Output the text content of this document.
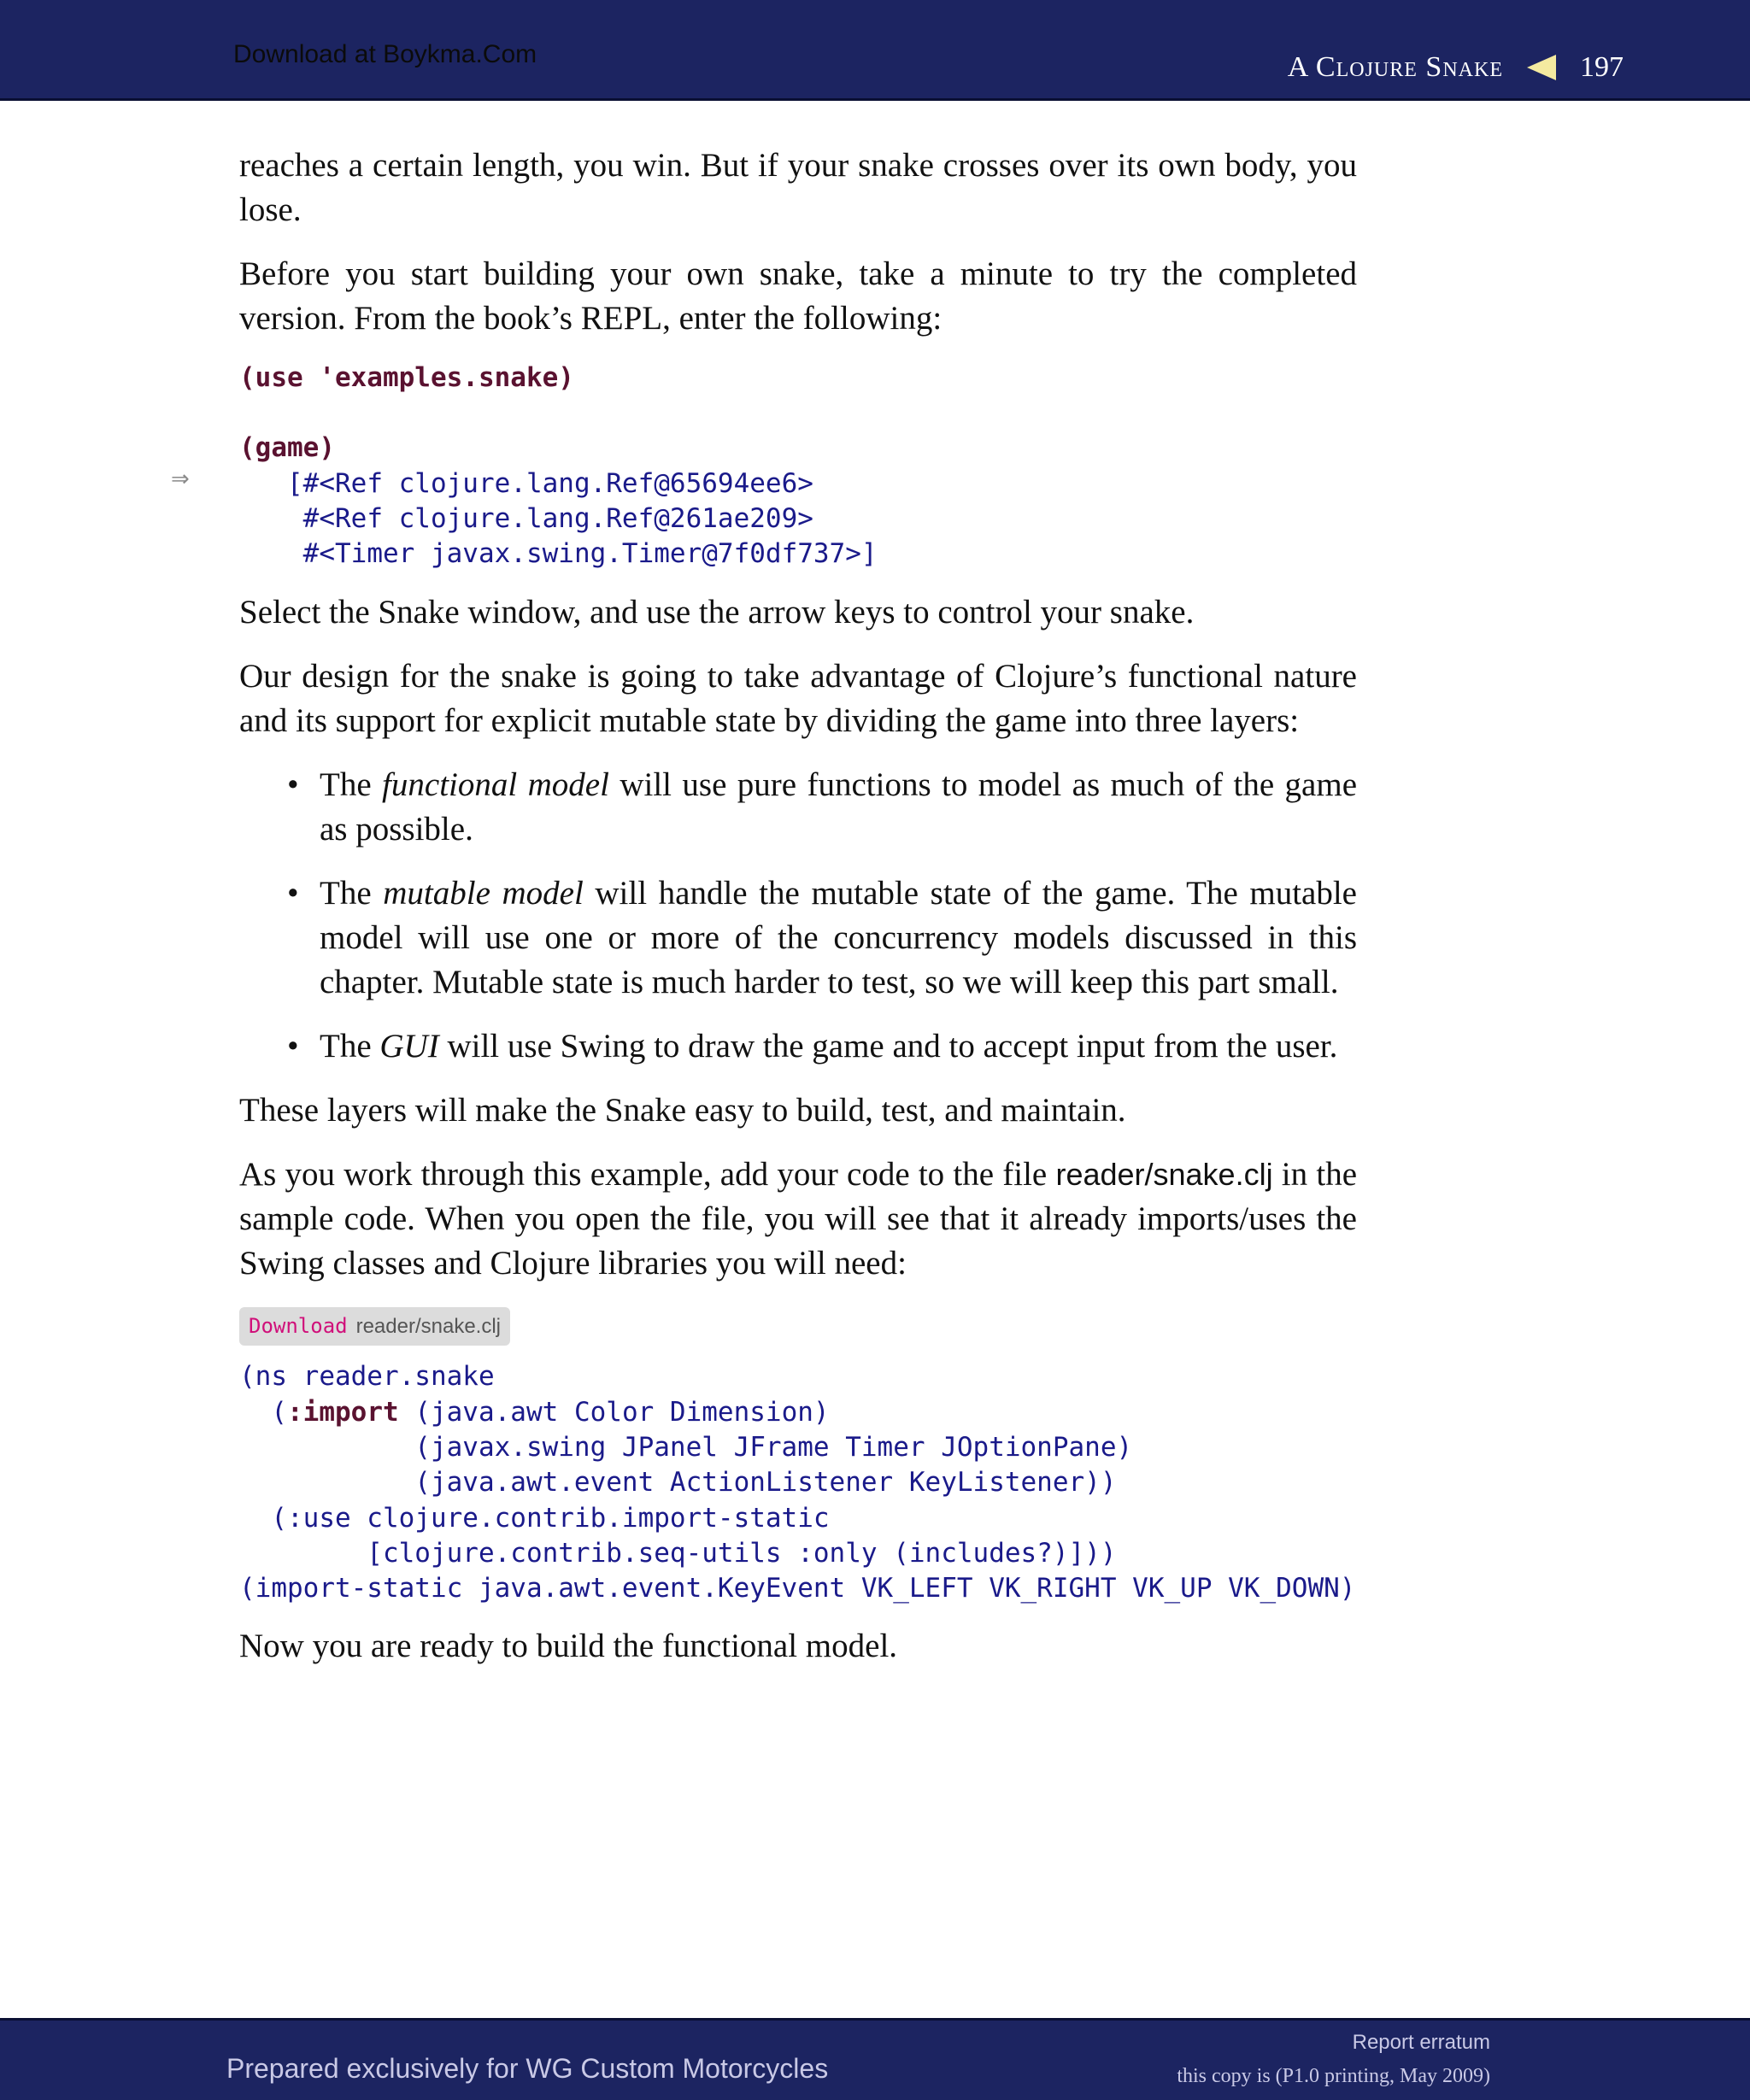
Download at Boykma.Com	A Clojure Snake	197

reaches a certain length, you win. But if your snake crosses over its own body, you lose.

Before you start building your own snake, take a minute to try the completed version. From the book’s REPL, enter the following:

(use 'examples.snake)
(game)
⇒	[#<Ref clojure.lang.Ref@65694ee6>
#<Ref clojure.lang.Ref@261ae209>
#<Timer javax.swing.Timer@7f0df737>]

Select the Snake window, and use the arrow keys to control your snake.

Our design for the snake is going to take advantage of Clojure’s functional nature and its support for explicit mutable state by dividing the game into three layers:

• The functional model will use pure functions to model as much of the game as possible.
• The mutable model will handle the mutable state of the game. The mutable model will use one or more of the concurrency models discussed in this chapter. Mutable state is much harder to test, so we will keep this part small.
• The GUI will use Swing to draw the game and to accept input from the user.

These layers will make the Snake easy to build, test, and maintain.

As you work through this example, add your code to the file reader/snake.clj in the sample code. When you open the file, you will see that it already imports/uses the Swing classes and Clojure libraries you will need:

Download reader/snake.clj
(ns reader.snake
(:import (java.awt Color Dimension)
(javax.swing JPanel JFrame Timer JOptionPane)
(java.awt.event ActionListener KeyListener))
(:use clojure.contrib.import-static
[clojure.contrib.seq-utils :only (includes?)]))
(import-static java.awt.event.KeyEvent VK_LEFT VK_RIGHT VK_UP VK_DOWN)

Now you are ready to build the functional model.

Prepared exclusively for WG Custom Motorcycles
Report erratum
this copy is (P1.0 printing, May 2009)
